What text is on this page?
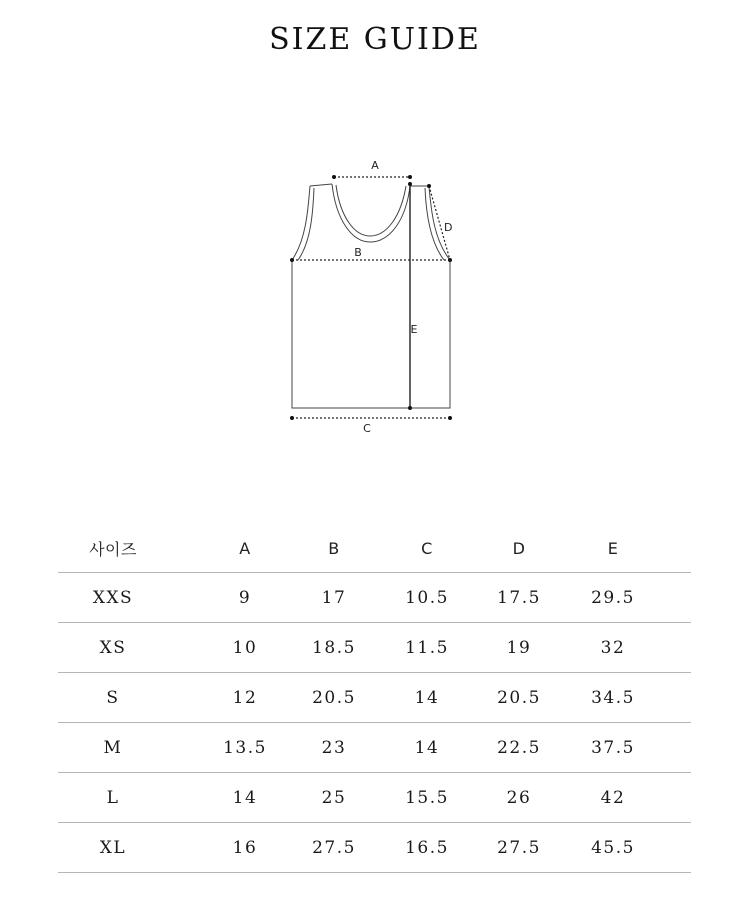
SIZE GUIDE
A
B
C
D
E
사이즈	A	B	C	D	E
XXS	9	17	10.5	17.5	29.5
XS	10	18.5	11.5	19	32
S	12	20.5	14	20.5	34.5
M	13.5	23	14	22.5	37.5
L	14	25	15.5	26	42
XL	16	27.5	16.5	27.5	45.5
